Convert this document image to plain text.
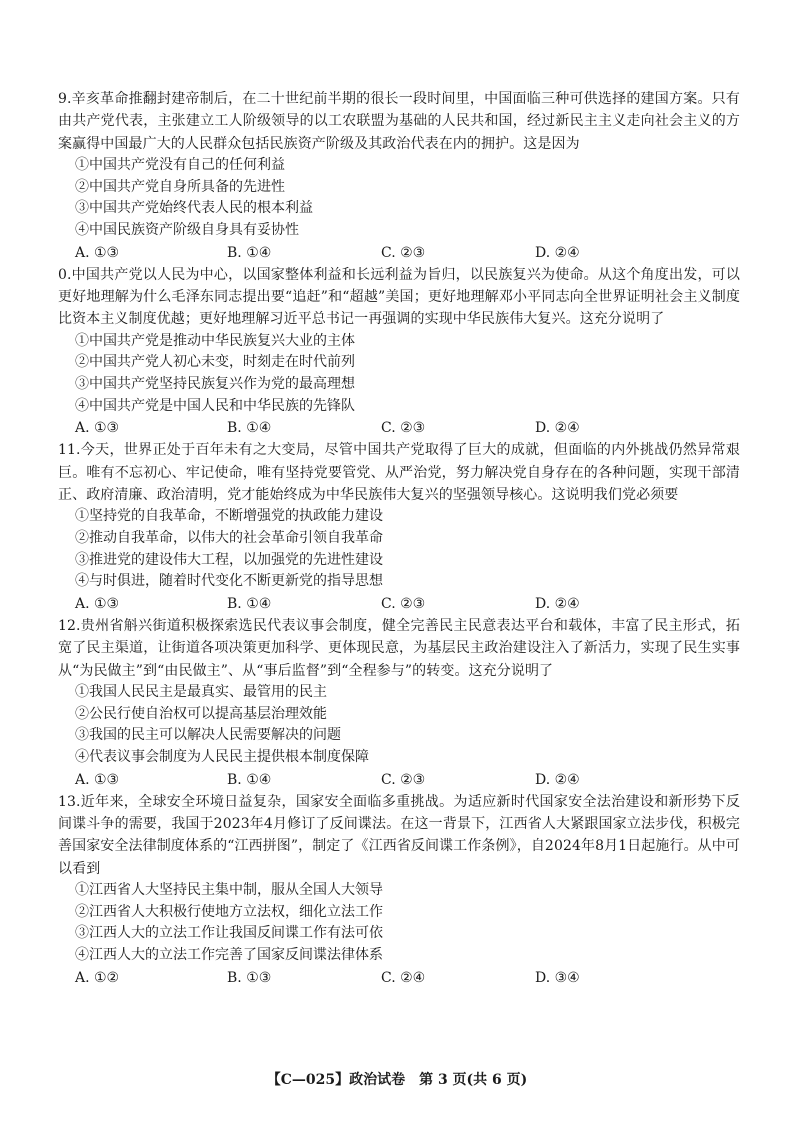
9.辛亥革命推翻封建帝制后，在二十世纪前半期的很长一段时间里，中国面临三种可供选择的建国方案。只有由共产党代表，主张建立工人阶级领导的以工农联盟为基础的人民共和国，经过新民主主义走向社会主义的方案赢得中国最广大的人民群众包括民族资产阶级及其政治代表在内的拥护。这是因为

①中国共产党没有自己的任何利益

②中国共产党自身所具备的先进性

③中国共产党始终代表人民的根本利益

④中国民族资产阶级自身具有妥协性

A. ①③	B. ①④	C. ②③	D. ②④

0.中国共产党以人民为中心，以国家整体利益和长远利益为旨归，以民族复兴为使命。从这个角度出发，可以更好地理解为什么毛泽东同志提出要“追赶”和“超越”美国；更好地理解邓小平同志向全世界证明社会主义制度比资本主义制度优越；更好地理解习近平总书记一再强调的实现中华民族伟大复兴。这充分说明了

①中国共产党是推动中华民族复兴大业的主体

②中国共产党人初心未变，时刻走在时代前列

③中国共产党坚持民族复兴作为党的最高理想

④中国共产党是中国人民和中华民族的先锋队

A. ①③	B. ①④	C. ②③	D. ②④

11.今天，世界正处于百年未有之大变局，尽管中国共产党取得了巨大的成就，但面临的内外挑战仍然异常艰巨。唯有不忘初心、牢记使命，唯有坚持党要管党、从严治党，努力解决党自身存在的各种问题，实现干部清正、政府清廉、政治清明，党才能始终成为中华民族伟大复兴的坚强领导核心。这说明我们党必须要

①坚持党的自我革命，不断增强党的执政能力建设

②推动自我革命，以伟大的社会革命引领自我革命

③推进党的建设伟大工程，以加强党的先进性建设

④与时俱进，随着时代变化不断更新党的指导思想

A. ①③	B. ①④	C. ②③	D. ②④

12.贵州省斛兴街道积极探索选民代表议事会制度，健全完善民主民意表达平台和载体，丰富了民主形式，拓宽了民主渠道，让街道各项决策更加科学、更体现民意，为基层民主政治建设注入了新活力，实现了民生实事从“为民做主”到“由民做主”、从“事后监督”到“全程参与”的转变。这充分说明了

①我国人民民主是最真实、最管用的民主

②公民行使自治权可以提高基层治理效能

③我国的民主可以解决人民需要解决的问题

④代表议事会制度为人民民主提供根本制度保障

A. ①③	B. ①④	C. ②③	D. ②④

13.近年来，全球安全环境日益复杂，国家安全面临多重挑战。为适应新时代国家安全法治建设和新形势下反间谍斗争的需要，我国于2023年4月修订了反间谍法。在这一背景下，江西省人大紧跟国家立法步伐，积极完善国家安全法律制度体系的“江西拼图”，制定了《江西省反间谍工作条例》，自2024年8月1日起施行。从中可以看到

①江西省人大坚持民主集中制，服从全国人大领导

②江西省人大积极行使地方立法权，细化立法工作

③江西人大的立法工作让我国反间谍工作有法可依

④江西人大的立法工作完善了国家反间谍法律体系

A. ①②	B. ①③	C. ②④	D. ③④
【C—025】政治试卷　第 3 页(共 6 页)
